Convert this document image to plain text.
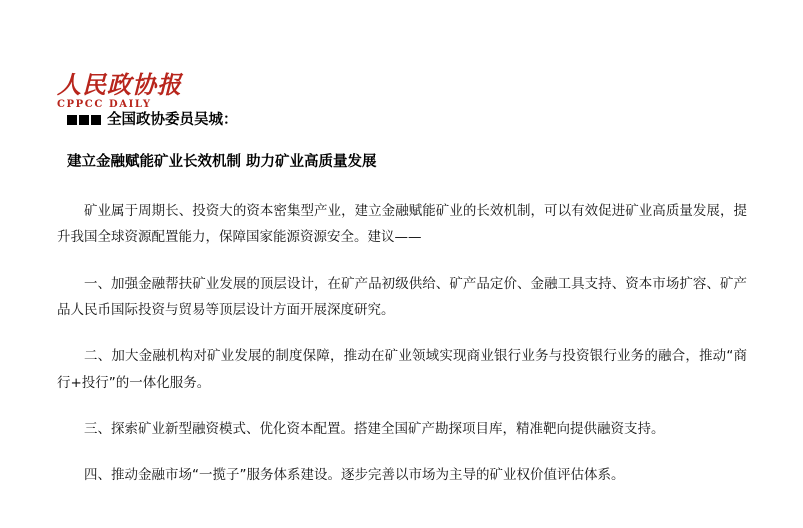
人民政协报
CPPCC DAILY
全国政协委员吴城：
建立金融赋能矿业长效机制 助力矿业高质量发展

矿业属于周期长、投资大的资本密集型产业，建立金融赋能矿业的长效机制，可以有效促进矿业高质量发展，提升我国全球资源配置能力，保障国家能源资源安全。建议——

一、加强金融帮扶矿业发展的顶层设计，在矿产品初级供给、矿产品定价、金融工具支持、资本市场扩容、矿产品人民币国际投资与贸易等顶层设计方面开展深度研究。

二、加大金融机构对矿业发展的制度保障，推动在矿业领域实现商业银行业务与投资银行业务的融合，推动“商行+投行”的一体化服务。

三、探索矿业新型融资模式、优化资本配置。搭建全国矿产勘探项目库，精准靶向提供融资支持。

四、推动金融市场“一揽子”服务体系建设。逐步完善以市场为主导的矿业权价值评估体系。
